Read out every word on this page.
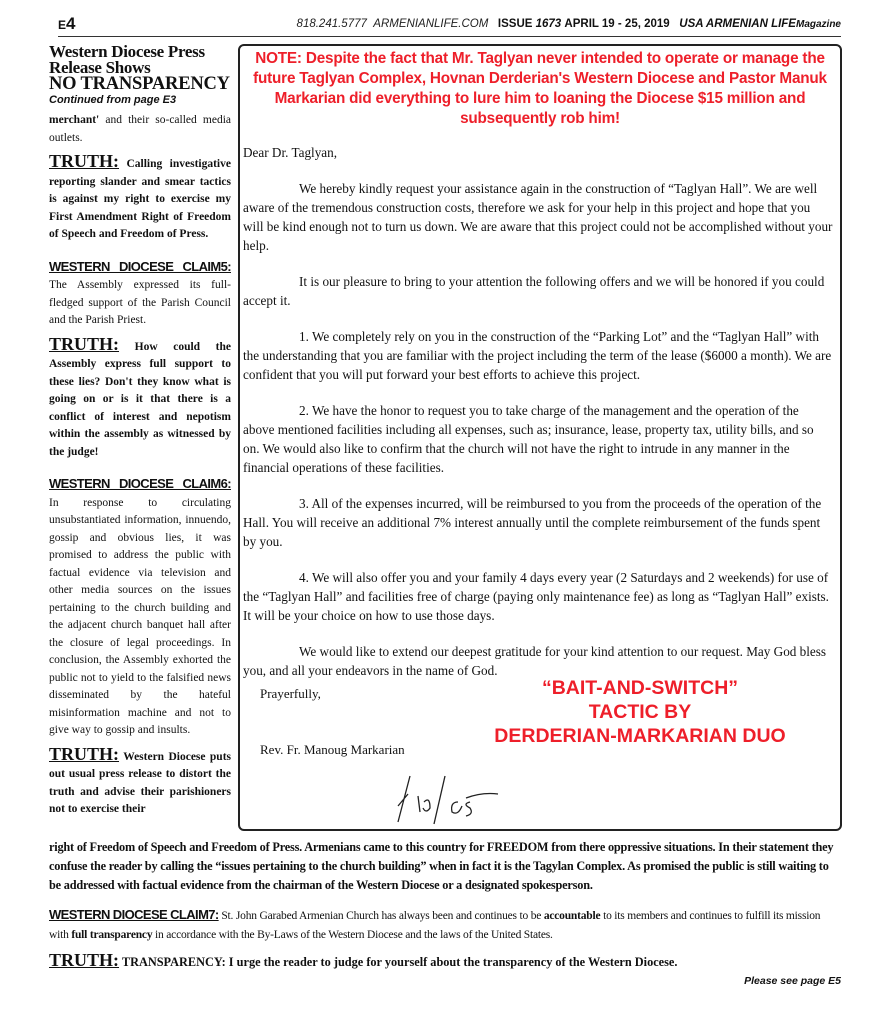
E4	818.241.5777 ARMENIANLIFE.COM ISSUE 1673 APRIL 19 - 25, 2019 USA ARMENIAN LIFEMagazine
Western Diocese Press
Release Shows
NO TRANSPARENCY
Continued from page E3

merchant' and their so-called media outlets.

TRUTH: Calling investigative reporting slander and smear tactics is against my right to exercise my First Amendment Right of Freedom of Speech and Freedom of Press.

WESTERN DIOCESE CLAIM5: The Assembly expressed its full-fledged support of the Parish Council and the Parish Priest.

TRUTH: How could the Assembly express full support to these lies? Don't they know what is going on or is it that there is a conflict of interest and nepotism within the assembly as witnessed by the judge!

WESTERN DIOCESE CLAIM6: In response to circulating unsubstantiated information, innuendo, gossip and obvious lies, it was promised to address the public with factual evidence via television and other media sources on the issues pertaining to the church building and the adjacent church banquet hall after the closure of legal proceedings. In conclusion, the Assembly exhorted the public not to yield to the falsified news disseminated by the hateful misinformation machine and not to give way to gossip and insults.

TRUTH: Western Diocese puts out usual press release to distort the truth and advise their parishioners not to exercise their

NOTE: Despite the fact that Mr. Taglyan never intended to operate or manage the future Taglyan Complex, Hovnan Derderian's Western Diocese and Pastor Manuk Markarian did everything to lure him to loaning the Diocese $15 million and subsequently rob him!

Dear Dr. Taglyan,

We hereby kindly request your assistance again in the construction of “Taglyan Hall”. We are well aware of the tremendous construction costs, therefore we ask for your help in this project and hope that you will be kind enough not to turn us down. We are aware that this project could not be accomplished without your help.

It is our pleasure to bring to your attention the following offers and we will be honored if you could accept it.

1. We completely rely on you in the construction of the “Parking Lot” and the “Taglyan Hall” with the understanding that you are familiar with the project including the term of the lease ($6000 a month). We are confident that you will put forward your best efforts to achieve this project.

2. We have the honor to request you to take charge of the management and the operation of the above mentioned facilities including all expenses, such as; insurance, lease, property tax, utility bills, and so on. We would also like to confirm that the church will not have the right to intrude in any manner in the financial operations of these facilities.

3. All of the expenses incurred, will be reimbursed to you from the proceeds of the operation of the Hall. You will receive an additional 7% interest annually until the complete reimbursement of the funds spent by you.

4. We will also offer you and your family 4 days every year (2 Saturdays and 2 weekends) for use of the “Taglyan Hall” and facilities free of charge (paying only maintenance fee) as long as “Taglyan Hall” exists. It will be your choice on how to use those days.

We would like to extend our deepest gratitude for your kind attention to our request. May God bless you, and all your endeavors in the name of God.

Prayerfully,
Rev. Fr. Manoug Markarian
“BAIT-AND-SWITCH”
TACTIC BY
DERDERIAN-MARKARIAN DUO
right of Freedom of Speech and Freedom of Press. Armenians came to this country for FREEDOM from there oppressive situations. In their statement they confuse the reader by calling the “issues pertaining to the church building” when in fact it is the Tagylan Complex. As promised the public is still waiting to be addressed with factual evidence from the chairman of the Western Diocese or a designated spokesperson.
WESTERN DIOCESE CLAIM7: St. John Garabed Armenian Church has always been and continues to be accountable to its members and continues to fulfill its mission with full transparency in accordance with the By-Laws of the Western Diocese and the laws of the United States.
TRUTH: TRANSPARENCY: I urge the reader to judge for yourself about the transparency of the Western Diocese.
Please see page E5
